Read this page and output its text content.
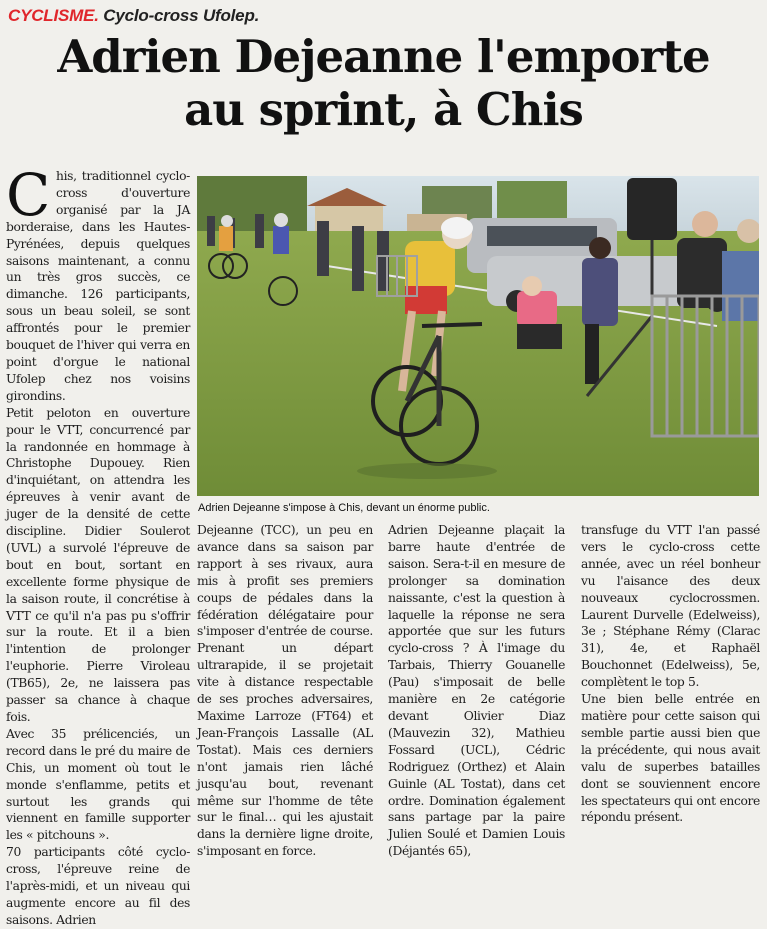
CYCLISME. Cyclo-cross Ufolep.
Adrien Dejeanne l'emporte
au sprint, à Chis

C his, traditionnel cyclo-cross d'ouverture organisé par la JA borderaise, dans les Hautes-Pyrénées, depuis quelques saisons maintenant, a connu un très gros succès, ce dimanche. 126 participants, sous un beau soleil, se sont affrontés pour le premier bouquet de l'hiver qui verra en point d'orgue le national Ufolep chez nos voisins girondins.

Petit peloton en ouverture pour le VTT, concurrencé par la randonnée en hommage à Christophe Dupouey. Rien d'inquiétant, on attendra les épreuves à venir avant de juger de la densité de cette discipline. Didier Soulerot (UVL) a survolé l'épreuve de bout en bout, sortant en excellente forme physique de la saison route, il concrétise à VTT ce qu'il n'a pas pu s'offrir sur la route. Et il a bien l'intention de prolonger l'euphorie. Pierre Viroleau (TB65), 2e, ne laissera pas passer sa chance à chaque fois.

Avec 35 prélicenciés, un record dans le pré du maire de Chis, un moment où tout le monde s'enflamme, petits et surtout les grands qui viennent en famille supporter les « pitchouns ».

70 participants côté cyclo-cross, l'épreuve reine de l'après-midi, et un niveau qui augmente encore au fil des saisons. Adrien

Adrien Dejeanne s'impose à Chis, devant un énorme public.

Dejeanne (TCC), un peu en avance dans sa saison par rapport à ses rivaux, aura mis à profit ses premiers coups de pédales dans la fédération délégataire pour s'imposer d'entrée de course. Prenant un départ ultrarapide, il se projetait vite à distance respectable de ses proches adversaires, Maxime Larroze (FT64) et Jean-François Lassalle (AL Tostat). Mais ces derniers n'ont jamais rien lâché jusqu'au bout, revenant même sur l'homme de tête sur le final… qui les ajustait dans la dernière ligne droite, s'imposant en force.

Adrien Dejeanne plaçait la barre haute d'entrée de saison. Sera-t-il en mesure de prolonger sa domination naissante, c'est la question à laquelle la réponse ne sera apportée que sur les futurs cyclo-cross ? À l'image du Tarbais, Thierry Gouanelle (Pau) s'imposait de belle manière en 2e catégorie devant Olivier Diaz (Mauvezin 32), Mathieu Fossard (UCL), Cédric Rodriguez (Orthez) et Alain Guinle (AL Tostat), dans cet ordre. Domination également sans partage par la paire Julien Soulé et Damien Louis (Déjantés 65),

transfuge du VTT l'an passé vers le cyclo-cross cette année, avec un réel bonheur vu l'aisance des deux nouveaux cyclocrossmen. Laurent Durvelle (Edelweiss), 3e ; Stéphane Rémy (Clarac 31), 4e, et Raphaël Bouchonnet (Edelweiss), 5e, complètent le top 5.

Une bien belle entrée en matière pour cette saison qui semble partie aussi bien que la précédente, qui nous avait valu de superbes batailles dont se souviennent encore les spectateurs qui ont encore répondu présent.
